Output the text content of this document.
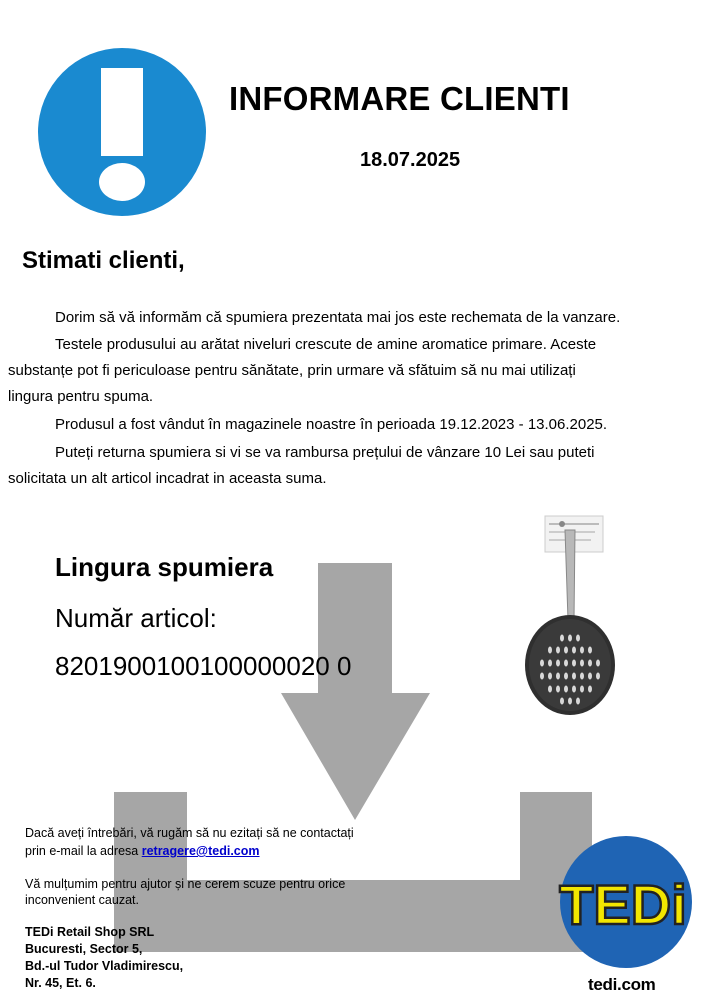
INFORMARE CLIENTI
18.07.2025
Stimati clienti,
Dorim să vă informăm că spumiera prezentata mai jos este rechemata de la vanzare.
Testele produsului au arătat niveluri crescute de amine aromatice primare. Aceste
substanțe pot fi periculoase pentru sănătate, prin urmare vă sfătuim să nu mai utilizați
lingura pentru spuma.
Produsul a fost vândut în magazinele noastre în perioada 19.12.2023 - 13.06.2025.
Puteți returna spumiera si vi se va rambursa prețului de vânzare 10 Lei sau puteti
solicitata un alt articol incadrat in aceasta suma.
Lingura spumiera
Număr articol:
8201900100100000020 0
Dacă aveți întrebări, vă rugăm să nu ezitați să ne contactați
prin e-mail la adresa retragere@tedi.com
Vă mulțumim pentru ajutor și ne cerem scuze pentru orice
inconvenient cauzat.
TEDi Retail Shop SRL
Bucuresti, Sector 5,
Bd.-ul Tudor Vladimirescu,
Nr. 45, Et. 6.
TEDi
tedi.com
